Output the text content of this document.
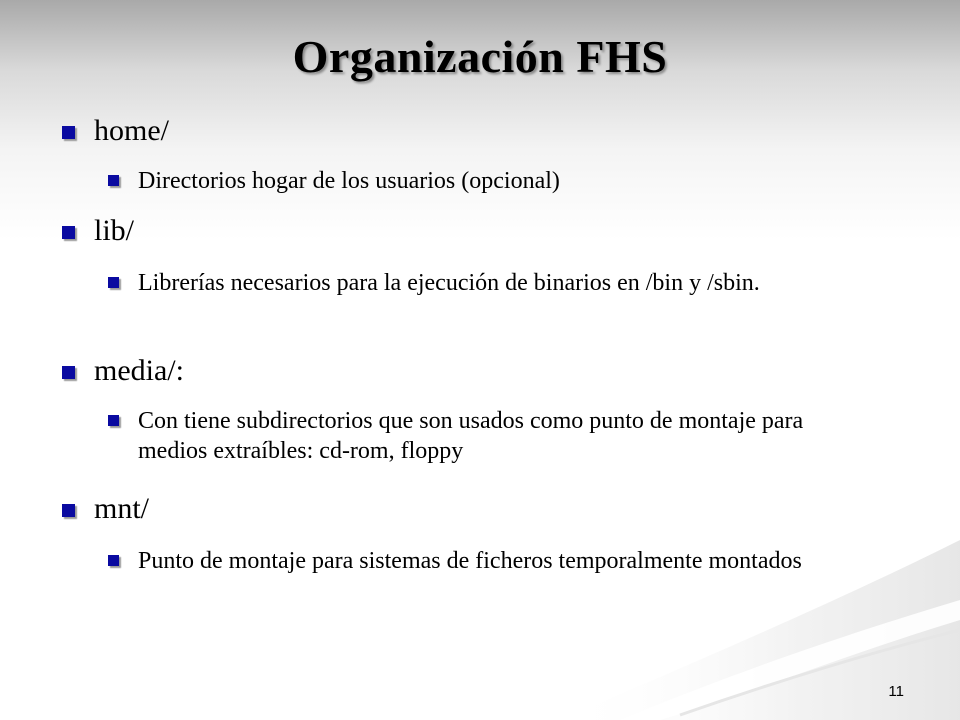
Organización FHS
home/
Directorios hogar de los usuarios (opcional)
lib/
Librerías necesarios para la ejecución de binarios en /bin y /sbin.
media/:
Con tiene subdirectorios que son usados como punto de montaje para medios extraíbles: cd-rom, floppy
mnt/
Punto de montaje para sistemas de ficheros temporalmente montados
11
